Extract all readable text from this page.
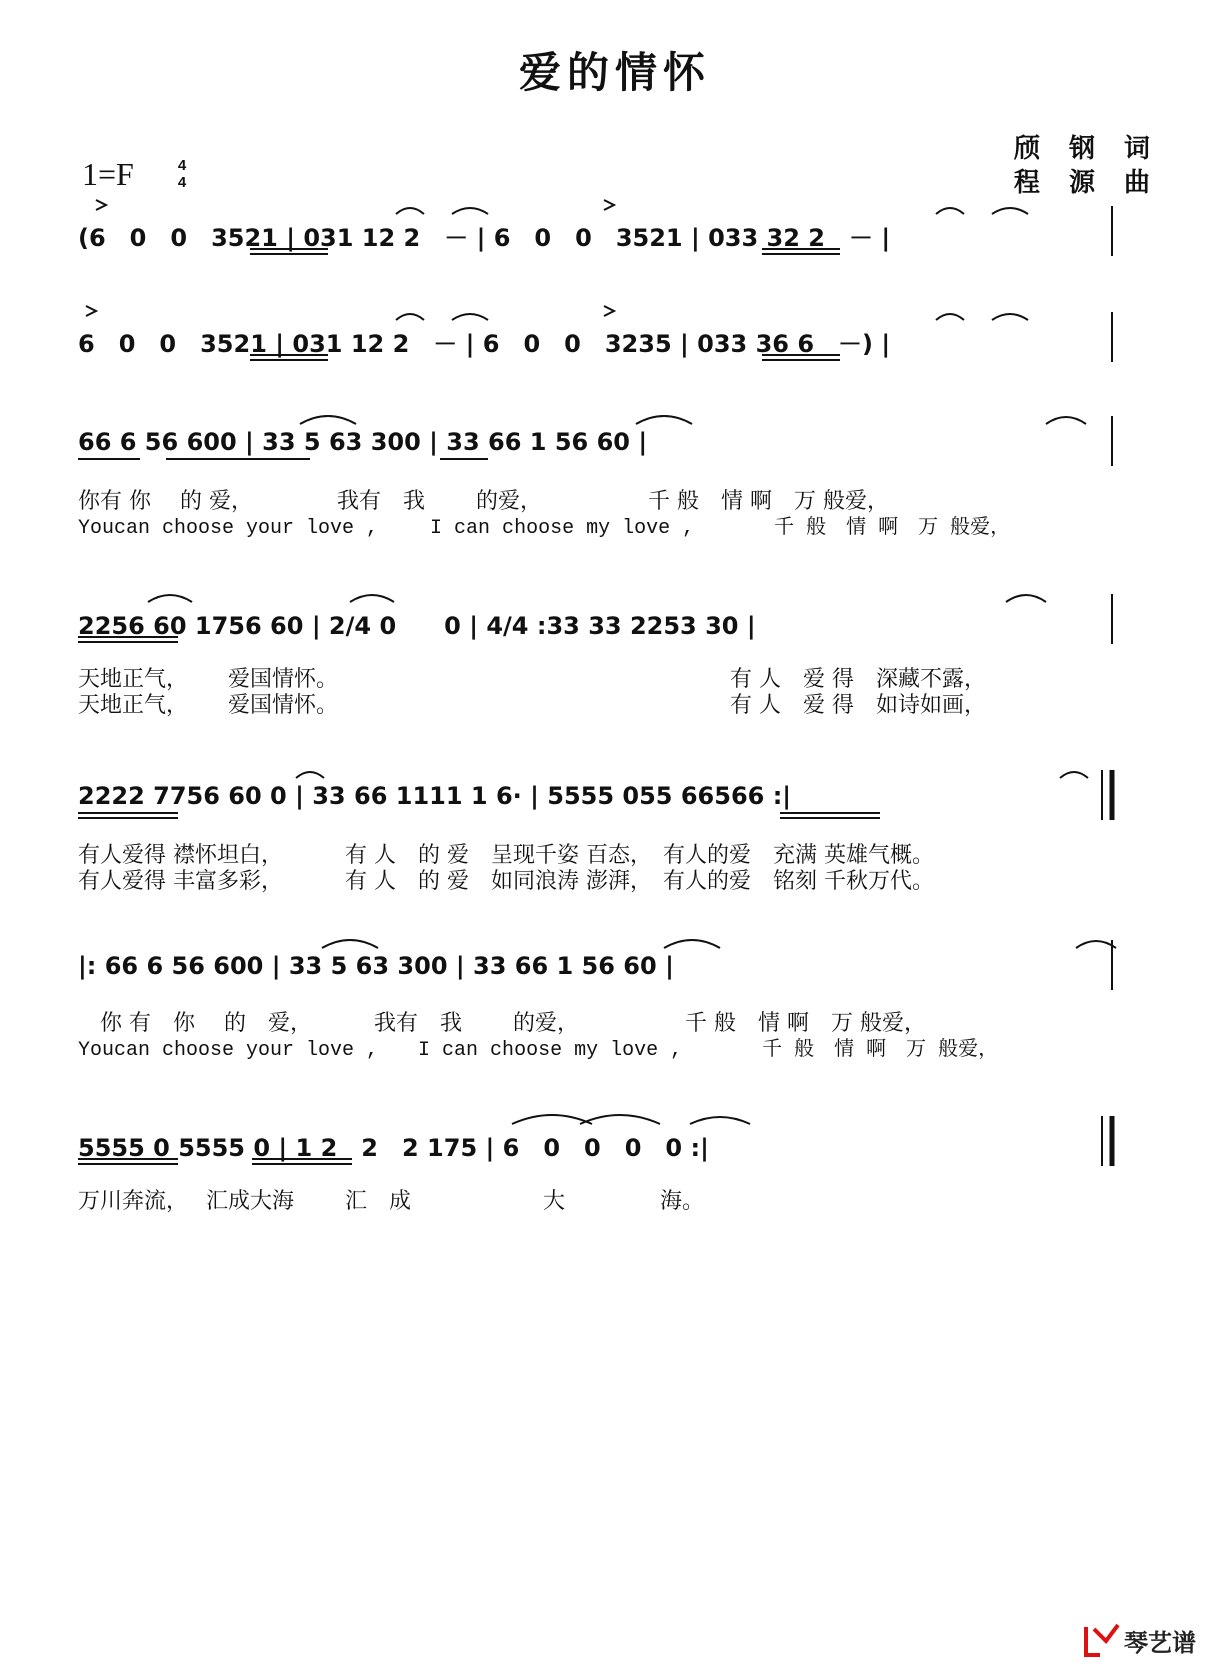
爱的情怀
1=F	4
4
颀 钢 词
程 源 曲
(6　0　0　3521 | 031 12 2　－ | 6　0　0　3521 | 033 32 2　－ |
6　0　0　3521 | 031 12 2　－ | 6　0　0　3235 | 033 36 6　－) |
66 6 56 600 | 33 5 63 300 | 33 66 1 56 60 |
你有 你　 的 爱，　　　　 我有　我　　 的爱，　　　　　 千 般　情 啊　万 般爱，
Youcan choose your love ,　　 I can choose my love ,　　　　千 般　情 啊　万 般爱，
2256 60 1756 60 | 2/4 0　　0 | 4/4 :33 33 2253 30 |
天地正气，　　 爱国情怀。　　　　　　　　　　　　　　　　　　 有 人　爱 得　深藏不露，
天地正气，　　 爱国情怀。　　　　　　　　　　　　　　　　　　 有 人　爱 得　如诗如画，
2222 7756 60 0 | 33 66 1111 1 6· | 5555 055 66566 :|
有人爱得 襟怀坦白，　　　 有 人　的 爱　呈现千姿 百态，　有人的爱　充满 英雄气概。
有人爱得 丰富多彩，　　　 有 人　的 爱　如同浪涛 澎湃，　有人的爱　铭刻 千秋万代。
|: 66 6 56 600 | 33 5 63 300 | 33 66 1 56 60 |
　你 有　你　 的　爱，　　　 我有　我　　 的爱，　　　　　 千 般　情 啊　万 般爱，
Youcan choose your love ,　　I can choose my love ,　　　　千 般　情 啊　万 般爱，
5555 0 5555 0 | 1 2　2　2 175 | 6　0　0　0　0 :|
万川奔流，　 汇成大海　　 汇　成　　　　　　大　　　　 海。
琴艺谱
